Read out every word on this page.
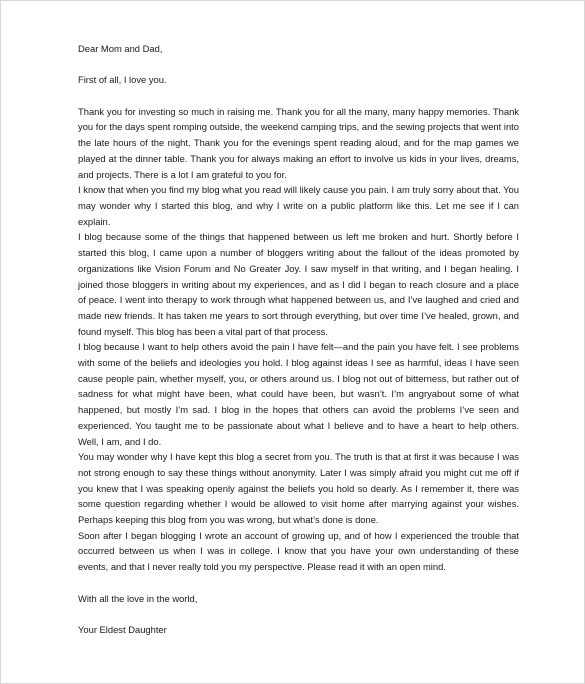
Dear Mom and Dad,

First of all, I love you.

Thank you for investing so much in raising me. Thank you for all the many, many happy memories. Thank you for the days spent romping outside, the weekend camping trips, and the sewing projects that went into the late hours of the night. Thank you for the evenings spent reading aloud, and for the map games we played at the dinner table. Thank you for always making an effort to involve us kids in your lives, dreams, and projects. There is a lot I am grateful to you for.

I know that when you find my blog what you read will likely cause you pain. I am truly sorry about that. You may wonder why I started this blog, and why I write on a public platform like this. Let me see if I can explain.

I blog because some of the things that happened between us left me broken and hurt. Shortly before I started this blog, I came upon a number of bloggers writing about the fallout of the ideas promoted by organizations like Vision Forum and No Greater Joy. I saw myself in that writing, and I began healing. I joined those bloggers in writing about my experiences, and as I did I began to reach closure and a place of peace. I went into therapy to work through what happened between us, and I’ve laughed and cried and made new friends. It has taken me years to sort through everything, but over time I’ve healed, grown, and found myself. This blog has been a vital part of that process.

I blog because I want to help others avoid the pain I have felt—and the pain you have felt. I see problems with some of the beliefs and ideologies you hold. I blog against ideas I see as harmful, ideas I have seen cause people pain, whether myself, you, or others around us. I blog not out of bitterness, but rather out of sadness for what might have been, what could have been, but wasn’t. I’m angryabout some of what happened, but mostly I’m sad. I blog in the hopes that others can avoid the problems I’ve seen and experienced. You taught me to be passionate about what I believe and to have a heart to help others. Well, I am, and I do.

You may wonder why I have kept this blog a secret from you. The truth is that at first it was because I was not strong enough to say these things without anonymity. Later I was simply afraid you might cut me off if you knew that I was speaking openly against the beliefs you hold so dearly. As I remember it, there was some question regarding whether I would be allowed to visit home after marrying against your wishes. Perhaps keeping this blog from you was wrong, but what’s done is done.

Soon after I began blogging I wrote an account of growing up, and of how I experienced the trouble that occurred between us when I was in college. I know that you have your own understanding of these events, and that I never really told you my perspective. Please read it with an open mind.

With all the love in the world,

Your Eldest Daughter
